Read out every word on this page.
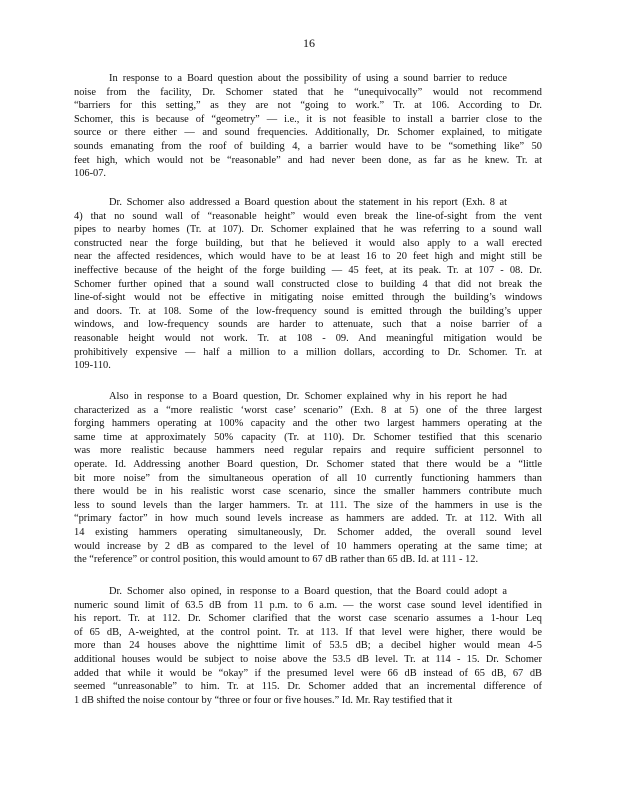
16
In response to a Board question about the possibility of using a sound barrier to reduce
noise from the facility, Dr. Schomer stated that he “unequivocally” would not recommend
“barriers for this setting,” as they are not “going to work.” Tr. at 106. According to Dr.
Schomer, this is because of “geometry” — i.e., it is not feasible to install a barrier close to the
source or there either — and sound frequencies. Additionally, Dr. Schomer explained, to mitigate
sounds emanating from the roof of building 4, a barrier would have to be “something like” 50
feet high, which would not be “reasonable” and had never been done, as far as he knew. Tr. at
106-07.
Dr. Schomer also addressed a Board question about the statement in his report (Exh. 8 at
4) that no sound wall of “reasonable height” would even break the line-of-sight from the vent
pipes to nearby homes (Tr. at 107). Dr. Schomer explained that he was referring to a sound wall
constructed near the forge building, but that he believed it would also apply to a wall erected
near the affected residences, which would have to be at least 16 to 20 feet high and might still be
ineffective because of the height of the forge building — 45 feet, at its peak. Tr. at 107 - 08. Dr.
Schomer further opined that a sound wall constructed close to building 4 that did not break the
line-of-sight would not be effective in mitigating noise emitted through the building’s windows
and doors. Tr. at 108. Some of the low-frequency sound is emitted through the building’s upper
windows, and low-frequency sounds are harder to attenuate, such that a noise barrier of a
reasonable height would not work. Tr. at 108 - 09. And meaningful mitigation would be
prohibitively expensive — half a million to a million dollars, according to Dr. Schomer. Tr. at
109-110.
Also in response to a Board question, Dr. Schomer explained why in his report he had
characterized as a “more realistic ‘worst case’ scenario” (Exh. 8 at 5) one of the three largest
forging hammers operating at 100% capacity and the other two largest hammers operating at the
same time at approximately 50% capacity (Tr. at 110). Dr. Schomer testified that this scenario
was more realistic because hammers need regular repairs and require sufficient personnel to
operate. Id. Addressing another Board question, Dr. Schomer stated that there would be a “little
bit more noise” from the simultaneous operation of all 10 currently functioning hammers than
there would be in his realistic worst case scenario, since the smaller hammers contribute much
less to sound levels than the larger hammers. Tr. at 111. The size of the hammers in use is the
“primary factor” in how much sound levels increase as hammers are added. Tr. at 112. With all
14 existing hammers operating simultaneously, Dr. Schomer added, the overall sound level
would increase by 2 dB as compared to the level of 10 hammers operating at the same time; at
the “reference” or control position, this would amount to 67 dB rather than 65 dB. Id. at 111 - 12.
Dr. Schomer also opined, in response to a Board question, that the Board could adopt a
numeric sound limit of 63.5 dB from 11 p.m. to 6 a.m. — the worst case sound level identified in
his report. Tr. at 112. Dr. Schomer clarified that the worst case scenario assumes a 1-hour Leq
of 65 dB, A-weighted, at the control point. Tr. at 113. If that level were higher, there would be
more than 24 houses above the nighttime limit of 53.5 dB; a decibel higher would mean 4-5
additional houses would be subject to noise above the 53.5 dB level. Tr. at 114 - 15. Dr. Schomer
added that while it would be “okay” if the presumed level were 66 dB instead of 65 dB, 67 dB
seemed “unreasonable” to him. Tr. at 115. Dr. Schomer added that an incremental difference of
1 dB shifted the noise contour by “three or four or five houses.” Id. Mr. Ray testified that it
